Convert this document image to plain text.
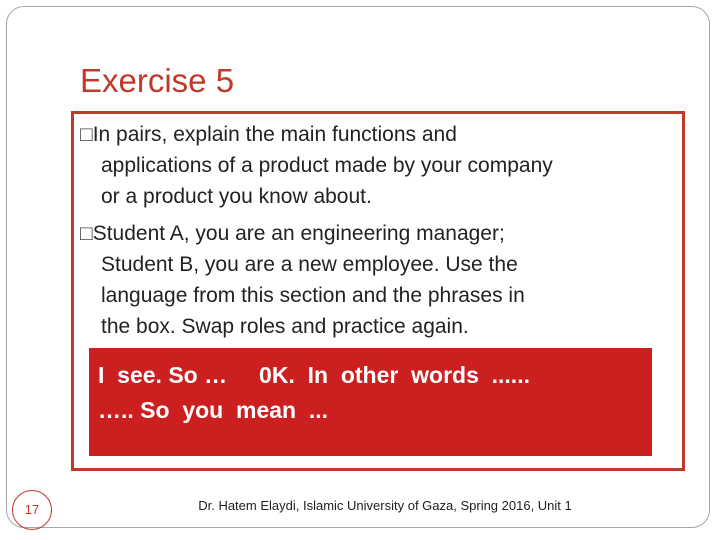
Exercise 5
□In pairs, explain the main functions and
applications of a product made by your company
or a product you know about.
□Student A, you are an engineering manager;
Student B, you are a new employee. Use the
language from this section and the phrases in
the box. Swap roles and practice again.
I  see. So …     0K.  In  other  words  ......
….. So  you  mean  ...
17	Dr. Hatem Elaydi, Islamic University of Gaza, Spring 2016, Unit 1
